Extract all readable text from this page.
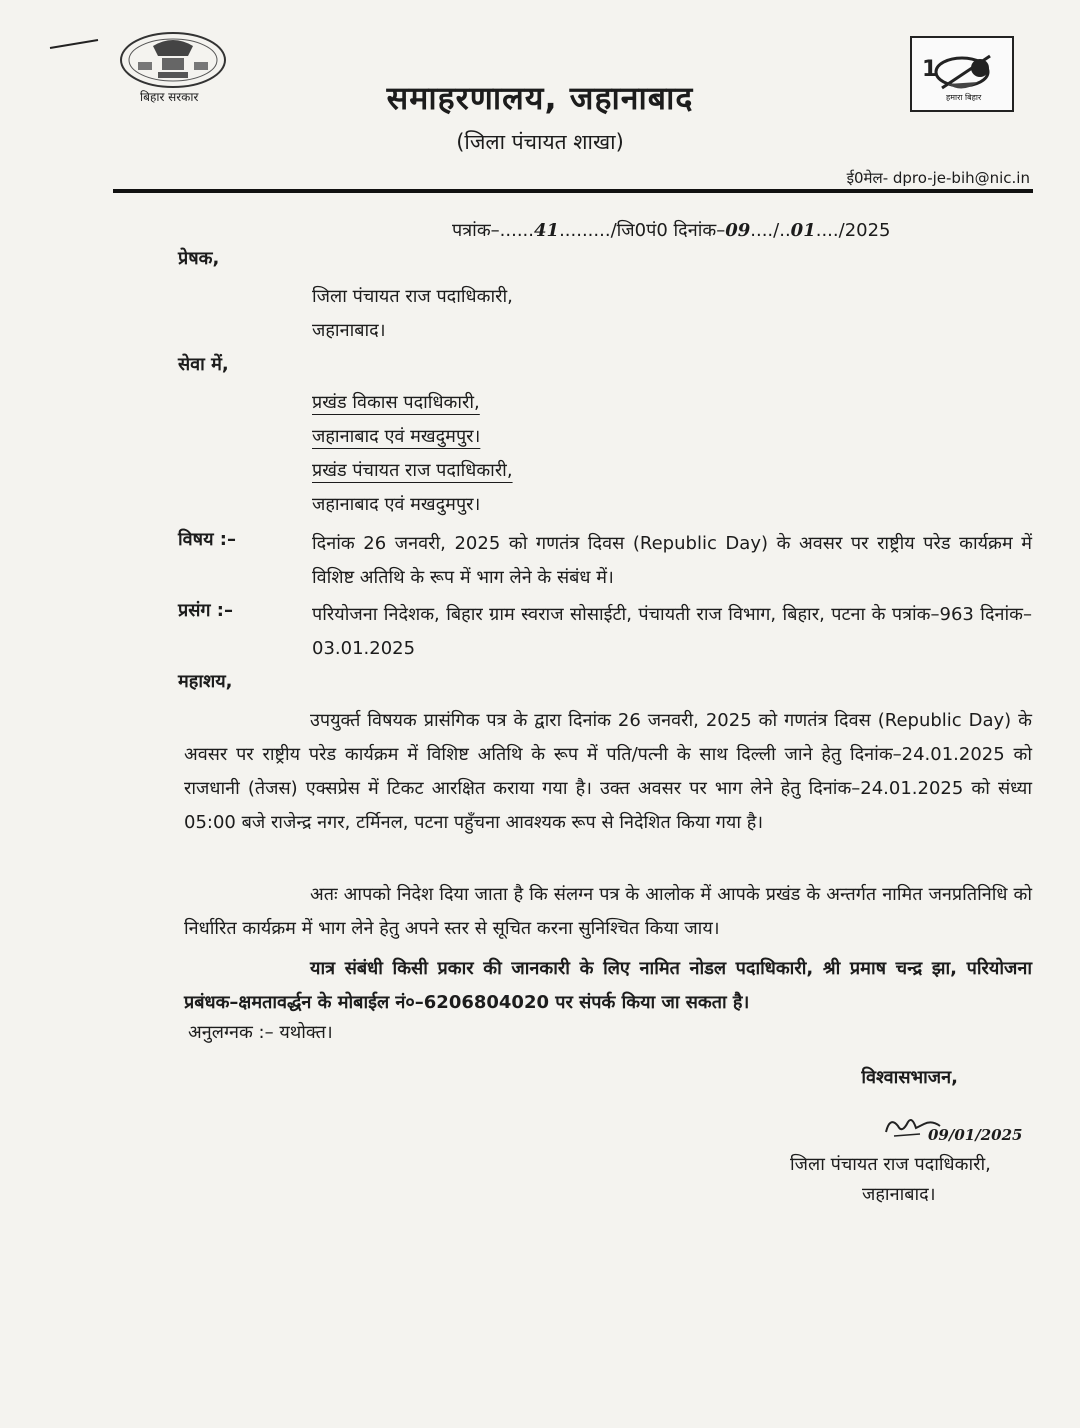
बिहार सरकार
1
हमारा बिहार
समाहरणालय, जहानाबाद
(जिला पंचायत शाखा)
ई0मेल- dpro-je-bih@nic.in
पत्रांक–......41........./जि0पं0 दिनांक–09..../..01..../2025
प्रेषक,
जिला पंचायत राज पदाधिकारी,
जहानाबाद।
सेवा में,
प्रखंड विकास पदाधिकारी,
जहानाबाद एवं मखदुमपुर।
प्रखंड पंचायत राज पदाधिकारी,
जहानाबाद एवं मखदुमपुर।
विषय :–	दिनांक 26 जनवरी, 2025 को गणतंत्र दिवस (Republic Day) के अवसर पर राष्ट्रीय परेड कार्यक्रम में विशिष्ट अतिथि के रूप में भाग लेने के संबंध में।
प्रसंग :–	परियोजना निदेशक, बिहार ग्राम स्वराज सोसाईटी, पंचायती राज विभाग, बिहार, पटना के पत्रांक–963 दिनांक–03.01.2025
महाशय,
उपयुर्क्त विषयक प्रासंगिक पत्र के द्वारा दिनांक 26 जनवरी, 2025 को गणतंत्र दिवस (Republic Day) के अवसर पर राष्ट्रीय परेड कार्यक्रम में विशिष्ट अतिथि के रूप में पति/पत्नी के साथ दिल्ली जाने हेतु दिनांक–24.01.2025 को राजधानी (तेजस) एक्सप्रेस में टिकट आरक्षित कराया गया है। उक्त अवसर पर भाग लेने हेतु दिनांक–24.01.2025 को संध्या 05:00 बजे राजेन्द्र नगर, टर्मिनल, पटना पहुँचना आवश्यक रूप से निदेशित किया गया है।
अतः आपको निदेश दिया जाता है कि संलग्न पत्र के आलोक में आपके प्रखंड के अन्तर्गत नामित जनप्रतिनिधि को निर्धारित कार्यक्रम में भाग लेने हेतु अपने स्तर से सूचित करना सुनिश्चित किया जाय।
यात्र संबंधी किसी प्रकार की जानकारी के लिए नामित नोडल पदाधिकारी, श्री प्रमाष चन्द्र झा, परियोजना प्रबंधक–क्षमतावर्द्धन के मोबाईल नं०–6206804020 पर संपर्क किया जा सकता है।
अनुलग्नक :– यथोक्त।
विश्वासभाजन,
09/01/2025
जिला पंचायत राज पदाधिकारी,
जहानाबाद।
